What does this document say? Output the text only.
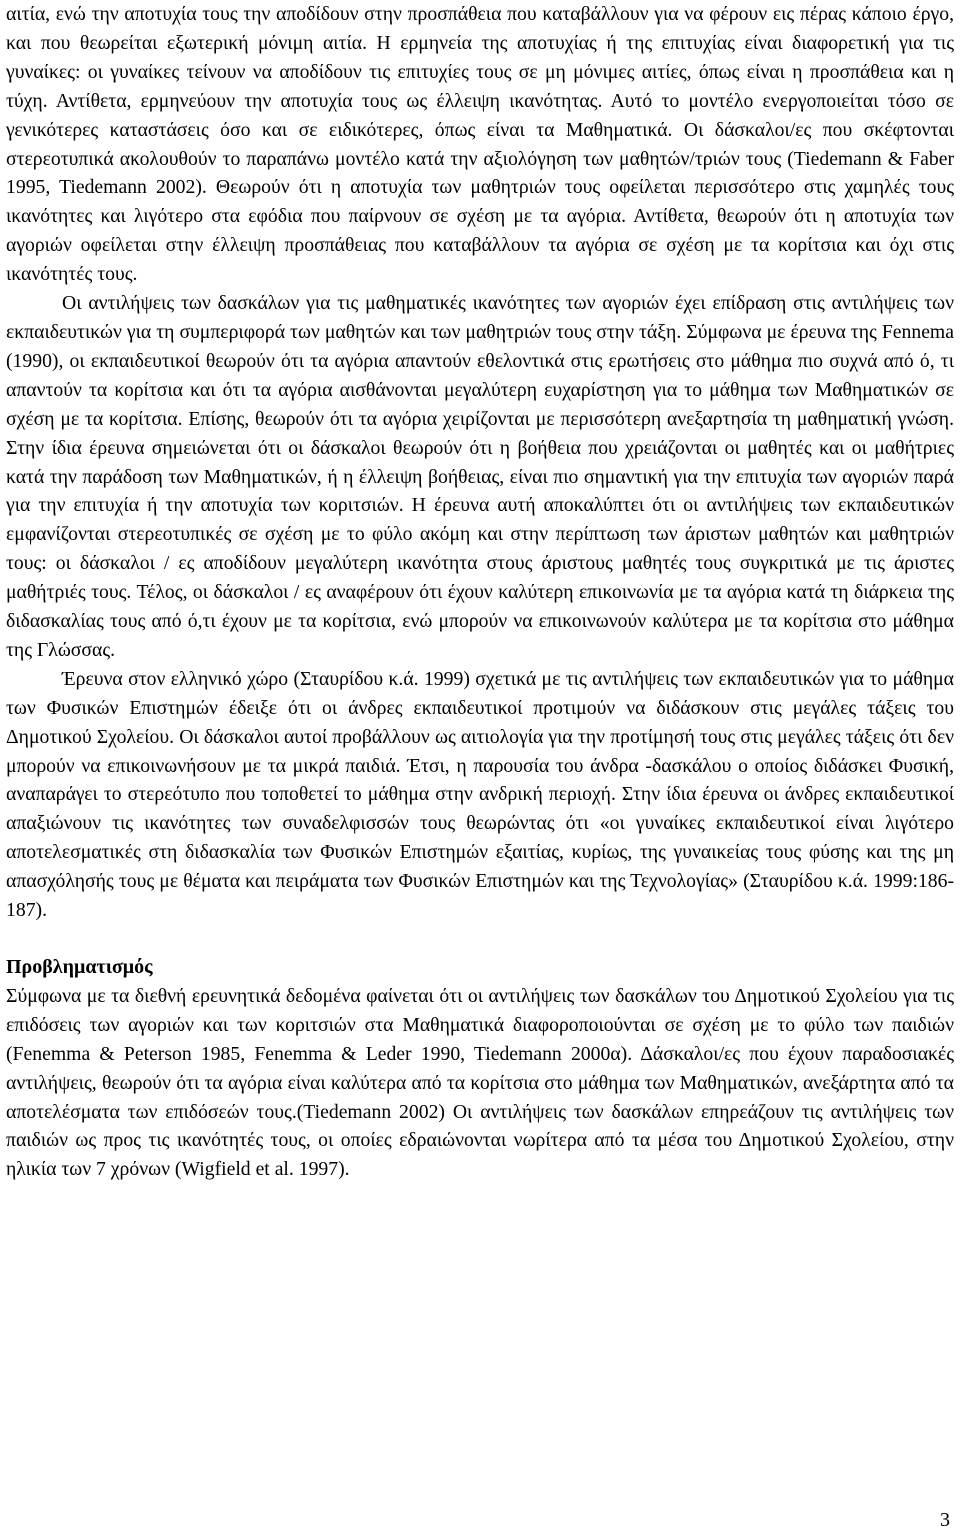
αιτία, ενώ την αποτυχία τους την αποδίδουν στην προσπάθεια που καταβάλλουν για να φέρουν εις πέρας κάποιο έργο, και που θεωρείται εξωτερική μόνιμη αιτία. Η ερμηνεία της αποτυχίας ή της επιτυχίας είναι διαφορετική για τις γυναίκες: οι γυναίκες τείνουν να αποδίδουν τις επιτυχίες τους σε μη μόνιμες αιτίες, όπως είναι η προσπάθεια και η τύχη. Αντίθετα, ερμηνεύουν την αποτυχία τους ως έλλειψη ικανότητας. Αυτό το μοντέλο ενεργοποιείται τόσο σε γενικότερες καταστάσεις όσο και σε ειδικότερες, όπως είναι τα Μαθηματικά. Οι δάσκαλοι/ες που σκέφτονται στερεοτυπικά ακολουθούν το παραπάνω μοντέλο κατά την αξιολόγηση των μαθητών/τριών τους (Tiedemann & Faber 1995, Tiedemann 2002). Θεωρούν ότι η αποτυχία των μαθητριών τους οφείλεται περισσότερο στις χαμηλές τους ικανότητες και λιγότερο στα εφόδια που παίρνουν σε σχέση με τα αγόρια. Αντίθετα, θεωρούν ότι η αποτυχία των αγοριών οφείλεται στην έλλειψη προσπάθειας που καταβάλλουν τα αγόρια σε σχέση με τα κορίτσια και όχι στις ικανότητές τους.

Οι αντιλήψεις των δασκάλων για τις μαθηματικές ικανότητες των αγοριών έχει επίδραση στις αντιλήψεις των εκπαιδευτικών για τη συμπεριφορά των μαθητών και των μαθητριών τους στην τάξη. Σύμφωνα με έρευνα της Fennema (1990), οι εκπαιδευτικοί θεωρούν ότι τα αγόρια απαντούν εθελοντικά στις ερωτήσεις στο μάθημα πιο συχνά από ό, τι απαντούν τα κορίτσια και ότι τα αγόρια αισθάνονται μεγαλύτερη ευχαρίστηση για το μάθημα των Μαθηματικών σε σχέση με τα κορίτσια. Επίσης, θεωρούν ότι τα αγόρια χειρίζονται με περισσότερη ανεξαρτησία τη μαθηματική γνώση. Στην ίδια έρευνα σημειώνεται ότι οι δάσκαλοι θεωρούν ότι η βοήθεια που χρειάζονται οι μαθητές και οι μαθήτριες κατά την παράδοση των Μαθηματικών, ή η έλλειψη βοήθειας, είναι πιο σημαντική για την επιτυχία των αγοριών παρά για την επιτυχία ή την αποτυχία των κοριτσιών. Η έρευνα αυτή αποκαλύπτει ότι οι αντιλήψεις των εκπαιδευτικών εμφανίζονται στερεοτυπικές σε σχέση με το φύλο ακόμη και στην περίπτωση των άριστων μαθητών και μαθητριών τους: οι δάσκαλοι / ες αποδίδουν μεγαλύτερη ικανότητα στους άριστους μαθητές τους συγκριτικά με τις άριστες μαθήτριές τους. Τέλος, οι δάσκαλοι / ες αναφέρουν ότι έχουν καλύτερη επικοινωνία με τα αγόρια κατά τη διάρκεια της διδασκαλίας τους από ό,τι έχουν με τα κορίτσια, ενώ μπορούν να επικοινωνούν καλύτερα με τα κορίτσια στο μάθημα της Γλώσσας.

Έρευνα στον ελληνικό χώρο (Σταυρίδου κ.ά. 1999) σχετικά με τις αντιλήψεις των εκπαιδευτικών για το μάθημα των Φυσικών Επιστημών έδειξε ότι οι άνδρες εκπαιδευτικοί προτιμούν να διδάσκουν στις μεγάλες τάξεις του Δημοτικού Σχολείου. Οι δάσκαλοι αυτοί προβάλλουν ως αιτιολογία για την προτίμησή τους στις μεγάλες τάξεις ότι δεν μπορούν να επικοινωνήσουν με τα μικρά παιδιά. Έτσι, η παρουσία του άνδρα -δασκάλου ο οποίος διδάσκει Φυσική, αναπαράγει το στερεότυπο που τοποθετεί το μάθημα στην ανδρική περιοχή. Στην ίδια έρευνα οι άνδρες εκπαιδευτικοί απαξιώνουν τις ικανότητες των συναδελφισσών τους θεωρώντας ότι «οι γυναίκες εκπαιδευτικοί είναι λιγότερο αποτελεσματικές στη διδασκαλία των Φυσικών Επιστημών εξαιτίας, κυρίως, της γυναικείας τους φύσης και της μη απασχόλησής τους με θέματα και πειράματα των Φυσικών Επιστημών και της Τεχνολογίας» (Σταυρίδου κ.ά. 1999:186-187).

Προβληματισμός

Σύμφωνα με τα διεθνή ερευνητικά δεδομένα φαίνεται ότι οι αντιλήψεις των δασκάλων του Δημοτικού Σχολείου για τις επιδόσεις των αγοριών και των κοριτσιών στα Μαθηματικά διαφοροποιούνται σε σχέση με το φύλο των παιδιών (Fenemma & Peterson 1985, Fenemma & Leder 1990, Tiedemann 2000α). Δάσκαλοι/ες που έχουν παραδοσιακές αντιλήψεις, θεωρούν ότι τα αγόρια είναι καλύτερα από τα κορίτσια στο μάθημα των Μαθηματικών, ανεξάρτητα από τα αποτελέσματα των επιδόσεών τους.(Tiedemann 2002) Οι αντιλήψεις των δασκάλων επηρεάζουν τις αντιλήψεις των παιδιών ως προς τις ικανότητές τους, οι οποίες εδραιώνονται νωρίτερα από τα μέσα του Δημοτικού Σχολείου, στην ηλικία των 7 χρόνων (Wigfield et al. 1997).

3
